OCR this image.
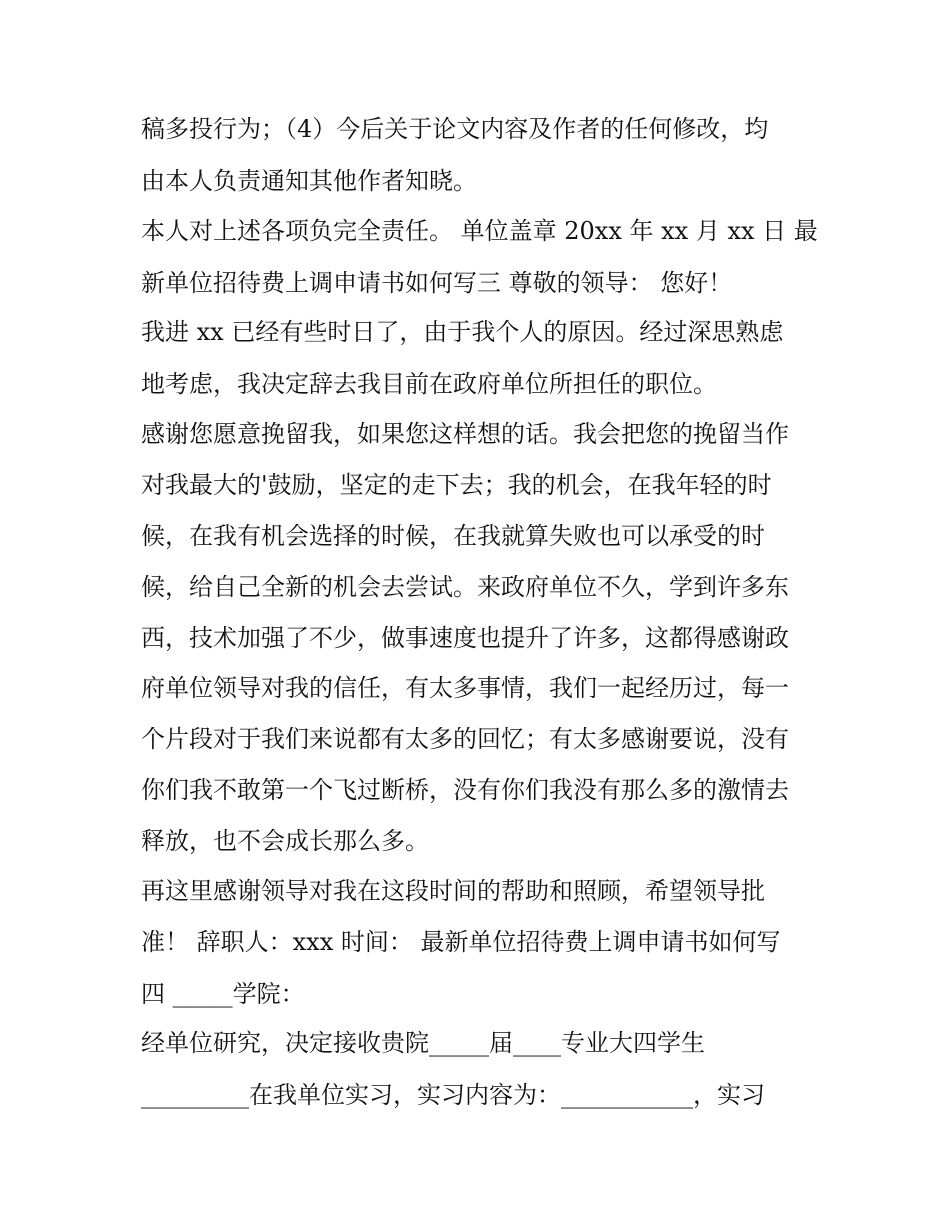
稿多投行为；（4）今后关于论文内容及作者的任何修改，均
由本人负责通知其他作者知晓。
本人对上述各项负完全责任。 单位盖章 20xx 年 xx 月 xx 日 最
新单位招待费上调申请书如何写三 尊敬的领导： 您好！
我进 xx 已经有些时日了，由于我个人的原因。经过深思熟虑
地考虑，我决定辞去我目前在政府单位所担任的职位。
感谢您愿意挽留我，如果您这样想的话。我会把您的挽留当作
对我最大的'鼓励，坚定的走下去；我的机会，在我年轻的时
候，在我有机会选择的时候，在我就算失败也可以承受的时
候，给自己全新的机会去尝试。来政府单位不久，学到许多东
西，技术加强了不少，做事速度也提升了许多，这都得感谢政
府单位领导对我的信任，有太多事情，我们一起经历过，每一
个片段对于我们来说都有太多的回忆；有太多感谢要说，没有
你们我不敢第一个飞过断桥，没有你们我没有那么多的激情去
释放，也不会成长那么多。
再这里感谢领导对我在这段时间的帮助和照顾，希望领导批
准！ 辞职人：xxx 时间： 最新单位招待费上调申请书如何写
四 _____学院：
经单位研究，决定接收贵院_____届____专业大四学生
_________在我单位实习，实习内容为：___________，实习
